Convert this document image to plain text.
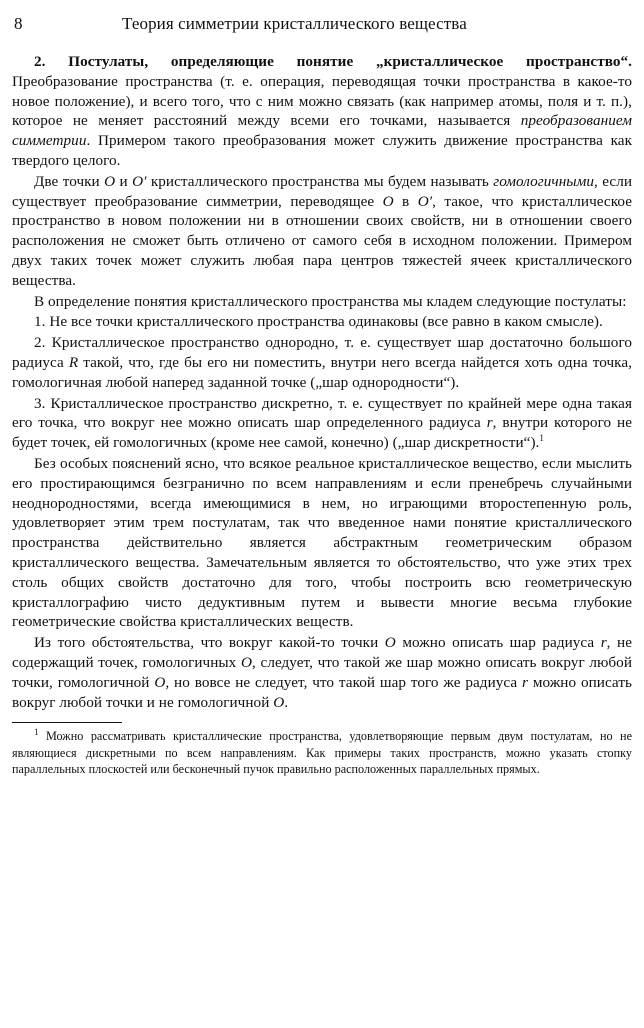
8	Теория симметрии кристаллического вещества

2. Постулаты, определяющие понятие „кристаллическое пространство“. Преобразование пространства (т. е. операция, переводящая точки пространства в какое-то новое положение), и всего того, что с ним можно связать (как например атомы, поля и т. п.), которое не меняет расстояний между всеми его точками, называется преобразованием симметрии. Примером такого преобразования может служить движение пространства как твердого целого.

Две точки O и O′ кристаллического пространства мы будем называть гомологичными, если существует преобразование симметрии, переводящее O в O′, такое, что кристаллическое пространство в новом положении ни в отношении своих свойств, ни в отношении своего расположения не сможет быть отличено от самого себя в исходном положении. Примером двух таких точек может служить любая пара центров тяжестей ячеек кристаллического вещества.

В определение понятия кристаллического пространства мы кладем следующие постулаты:

1. Не все точки кристаллического пространства одинаковы (все равно в каком смысле).

2. Кристаллическое пространство однородно, т. е. существует шар достаточно большого радиуса R такой, что, где бы его ни поместить, внутри него всегда найдется хоть одна точка, гомологичная любой наперед заданной точке („шар однородности“).

3. Кристаллическое пространство дискретно, т. е. существует по крайней мере одна такая его точка, что вокруг нее можно описать шар определенного радиуса r, внутри которого не будет точек, ей гомологичных (кроме нее самой, конечно) („шар дискретности“).$^1$

Без особых пояснений ясно, что всякое реальное кристаллическое вещество, если мыслить его простирающимся безгранично по всем направлениям и если пренебречь случайными неоднородностями, всегда имеющимися в нем, но играющими второстепенную роль, удовлетворяет этим трем постулатам, так что введенное нами понятие кристаллического пространства действительно является абстрактным геометрическим образом кристаллического вещества. Замечательным является то обстоятельство, что уже этих трех столь общих свойств достаточно для того, чтобы построить всю геометрическую кристаллографию чисто дедуктивным путем и вывести многие весьма глубокие геометрические свойства кристаллических веществ.

Из того обстоятельства, что вокруг какой-то точки O можно описать шар радиуса r, не содержащий точек, гомологичных O, следует, что такой же шар можно описать вокруг любой точки, гомологичной O, но вовсе не следует, что такой шар того же радиуса r можно описать вокруг любой точки и не гомологичной O.

$^1$ Можно рассматривать кристаллические пространства, удовлетворяющие первым двум постулатам, но не являющиеся дискретными по всем направлениям. Как примеры таких пространств, можно указать стопку параллельных плоскостей или бесконечный пучок правильно расположенных параллельных прямых.
